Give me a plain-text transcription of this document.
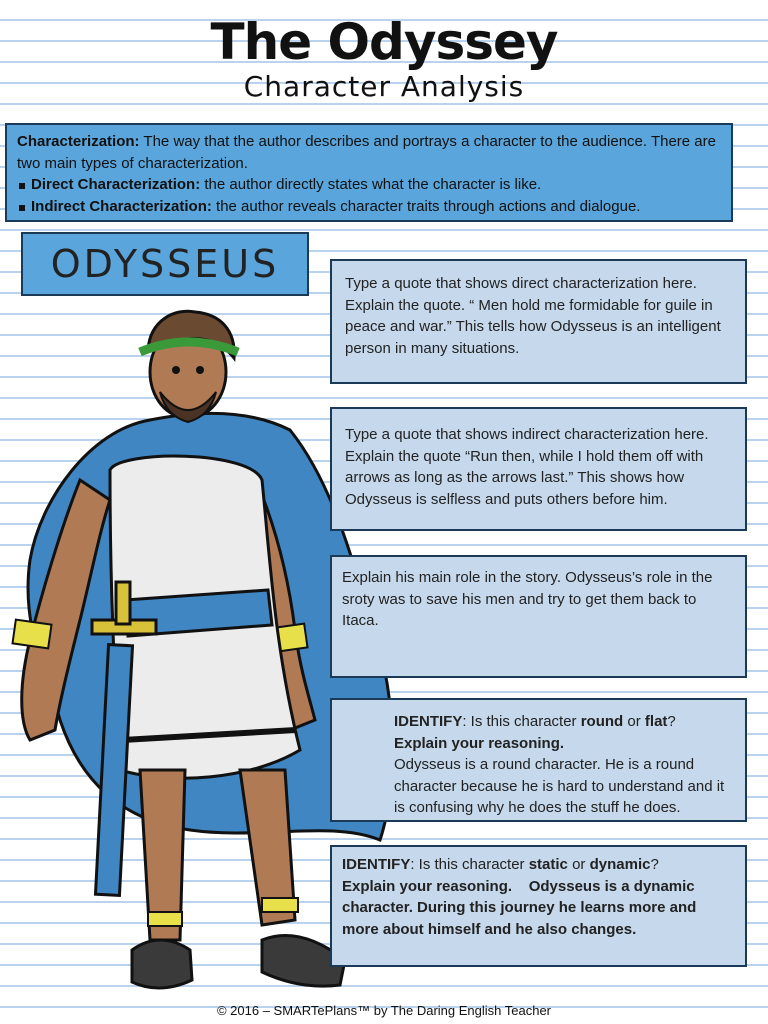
The Odyssey
Character Analysis
Characterization: The way that the author describes and portrays a character to the audience. There are two main types of characterization.
Direct Characterization: the author directly states what the character is like.
Indirect Characterization: the author reveals character traits through actions and dialogue.
ODYSSEUS	Type a quote that shows direct characterization here. Explain the quote. “ Men hold me formidable for guile in peace and war.” This tells how Odysseus is an intelligent person in many situations.
Type a quote that shows indirect characterization here. Explain the quote “Run then, while I hold them off with arrows as long as the arrows last.” This shows how Odysseus is selfless and puts others before him.
Explain his main role in the story. Odysseus’s role in the sroty was to save his men and try to get them back to Itaca.
IDENTIFY: Is this character round or flat?
Explain your reasoning.
Odysseus is a round character. He is a round character because he is hard to understand and it is confusing why he does the stuff he does.
IDENTIFY: Is this character static or dynamic?
Explain your reasoning. Odysseus is a dynamic character. During this journey he learns more and more about himself and he also changes.
© 2016 – SMARTePlans™ by The Daring English Teacher
